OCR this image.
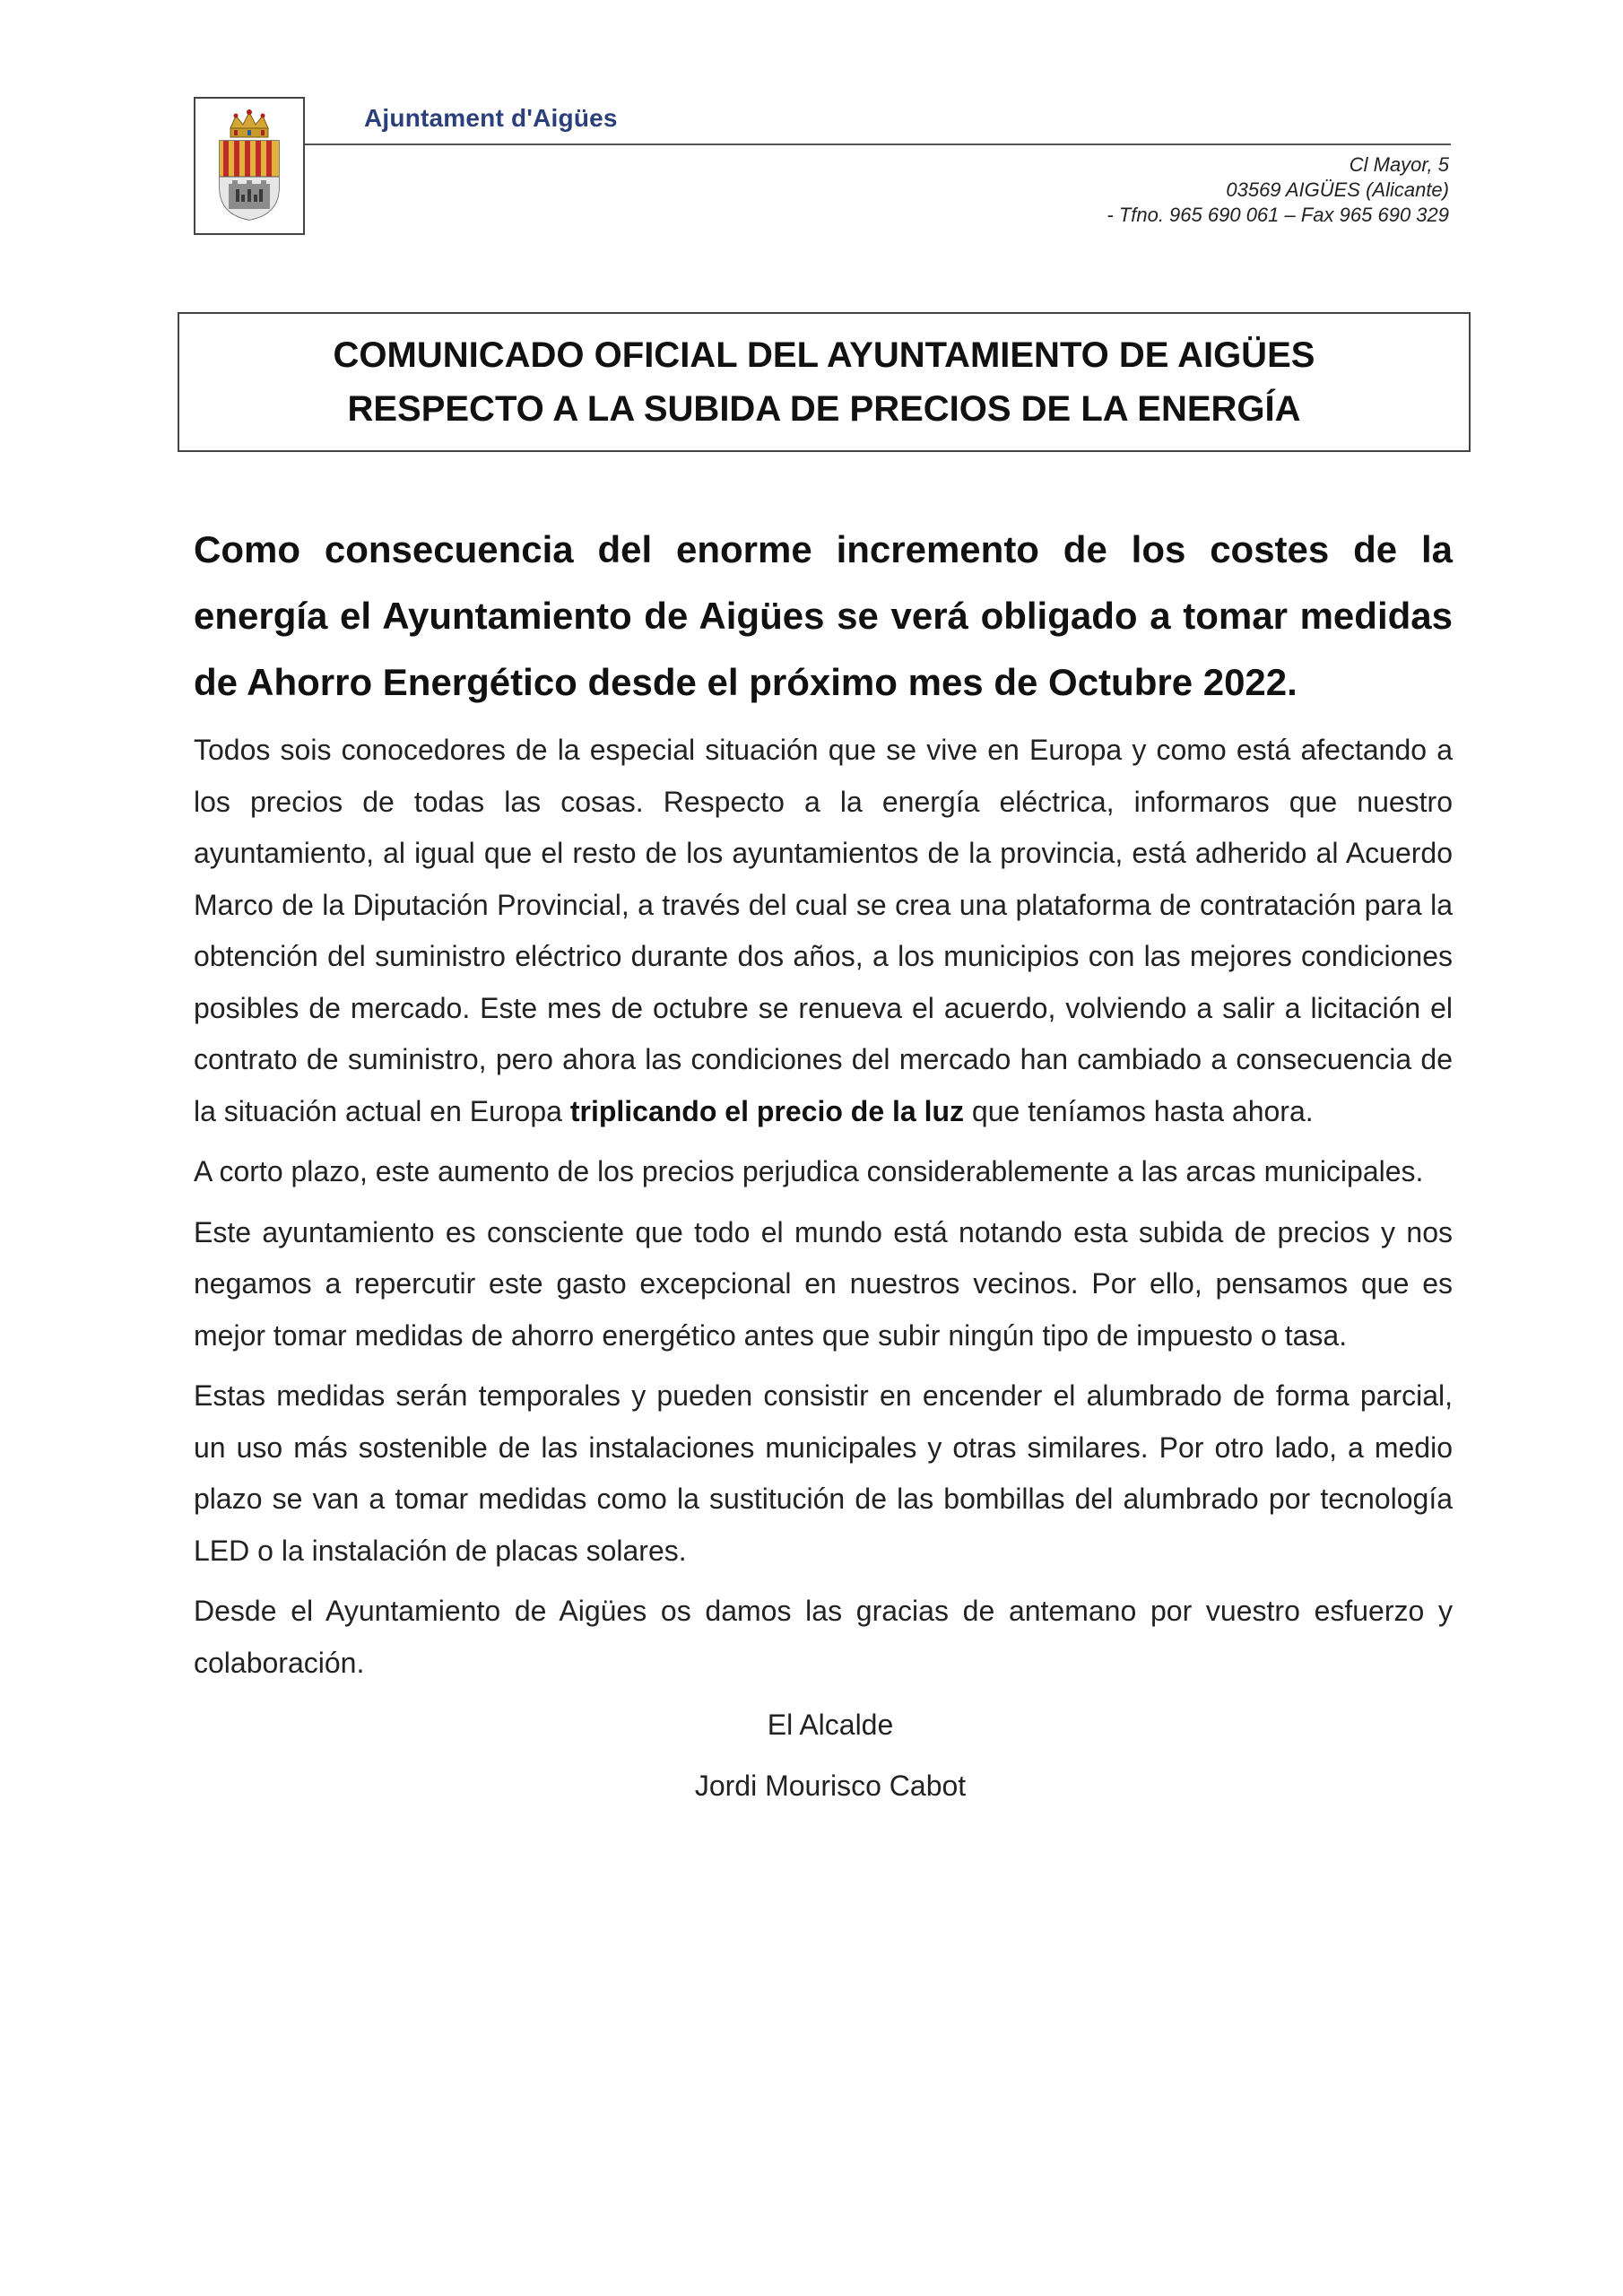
Ajuntament d'Aigües
Cl Mayor, 5
03569 AIGÜES (Alicante)
- Tfno. 965 690 061 – Fax 965 690 329
COMUNICADO OFICIAL DEL AYUNTAMIENTO DE AIGÜES
RESPECTO A LA SUBIDA DE PRECIOS DE LA ENERGÍA

Como consecuencia del enorme incremento de los costes de la energía el Ayuntamiento de Aigües se verá obligado a tomar medidas de Ahorro Energético desde el próximo mes de Octubre 2022.

Todos sois conocedores de la especial situación que se vive en Europa y como está afectando a los precios de todas las cosas. Respecto a la energía eléctrica, informaros que nuestro ayuntamiento, al igual que el resto de los ayuntamientos de la provincia, está adherido al Acuerdo Marco de la Diputación Provincial, a través del cual se crea una plataforma de contratación para la obtención del suministro eléctrico durante dos años, a los municipios con las mejores condiciones posibles de mercado. Este mes de octubre se renueva el acuerdo, volviendo a salir a licitación el contrato de suministro, pero ahora las condiciones del mercado han cambiado a consecuencia de la situación actual en Europa triplicando el precio de la luz que teníamos hasta ahora.

A corto plazo, este aumento de los precios perjudica considerablemente a las arcas municipales.

Este ayuntamiento es consciente que todo el mundo está notando esta subida de precios y nos negamos a repercutir este gasto excepcional en nuestros vecinos. Por ello, pensamos que es mejor tomar medidas de ahorro energético antes que subir ningún tipo de impuesto o tasa.

Estas medidas serán temporales y pueden consistir en encender el alumbrado de forma parcial, un uso más sostenible de las instalaciones municipales y otras similares. Por otro lado, a medio plazo se van a tomar medidas como la sustitución de las bombillas del alumbrado por tecnología LED o la instalación de placas solares.

Desde el Ayuntamiento de Aigües os damos las gracias de antemano por vuestro esfuerzo y colaboración.

El Alcalde
Jordi Mourisco Cabot
